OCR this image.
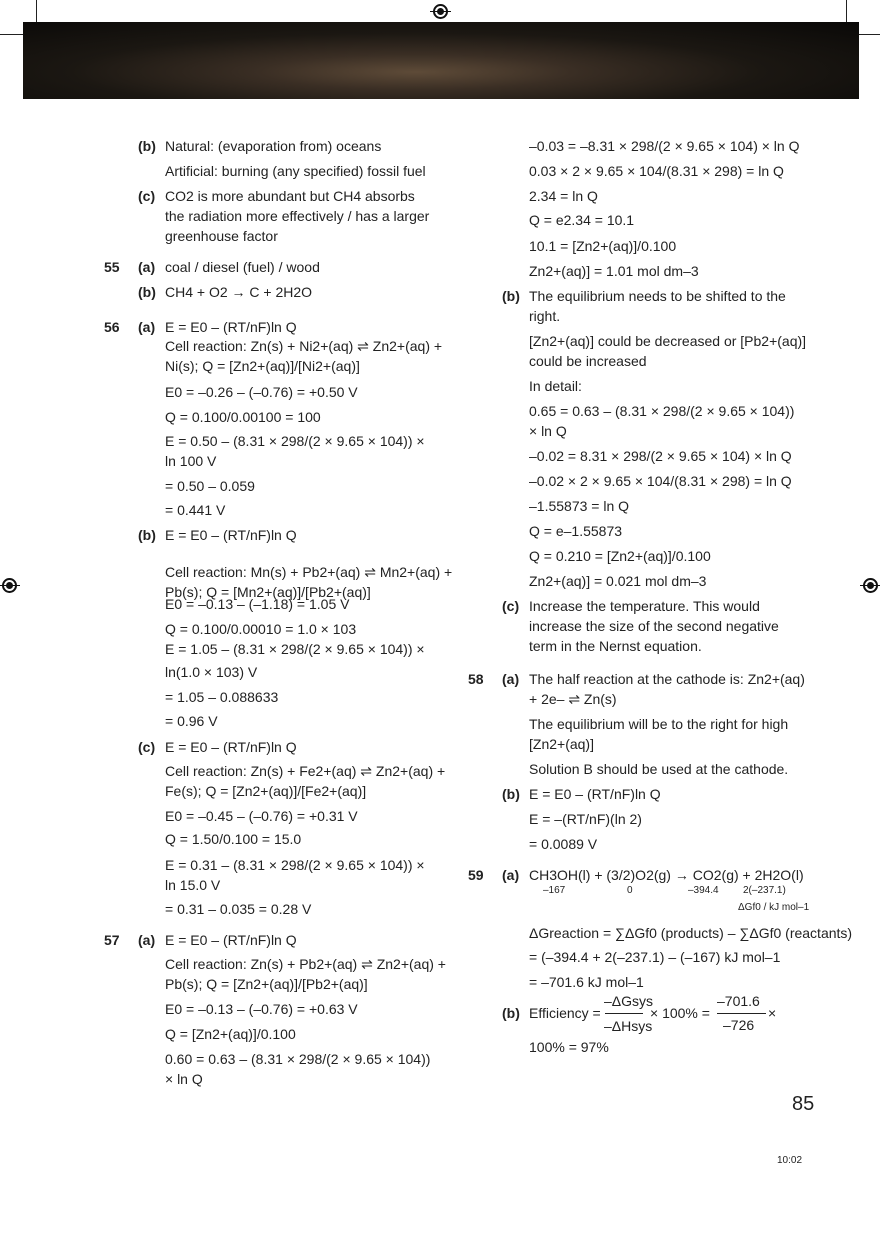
(b) Natural: (evaporation from) oceans
Artificial: burning (any specified) fossil fuel
(c) CO2 is more abundant but CH4 absorbs
the radiation more effectively / has a larger
greenhouse factor
55 (a) coal / diesel (fuel) / wood
(b) CH4 + O2 → C + 2H2O
56 (a) E = E0 – (RT/nF)ln Q
Cell reaction: Zn(s) + Ni2+(aq) ⇌ Zn2+(aq) +
Ni(s); Q = [Zn2+(aq)]/[Ni2+(aq)]
E0 = –0.26 – (–0.76) = +0.50 V
Q = 0.100/0.00100 = 100
E = 0.50 – (8.31 × 298/(2 × 9.65 × 104)) ×
ln 100 V
= 0.50 – 0.059
= 0.441 V
(b) E = E0 – (RT/nF)ln Q
Cell reaction: Mn(s) + Pb2+(aq) ⇌ Mn2+(aq) +
Pb(s); Q = [Mn2+(aq)]/[Pb2+(aq)]
E0 = –0.13 – (–1.18) = 1.05 V
Q = 0.100/0.00010 = 1.0 × 103
E = 1.05 – (8.31 × 298/(2 × 9.65 × 104)) ×
ln(1.0 × 103) V
= 1.05 – 0.088633
= 0.96 V
(c) E = E0 – (RT/nF)ln Q
Cell reaction: Zn(s) + Fe2+(aq) ⇌ Zn2+(aq) +
Fe(s); Q = [Zn2+(aq)]/[Fe2+(aq)]
E0 = –0.45 – (–0.76) = +0.31 V
Q = 1.50/0.100 = 15.0
E = 0.31 – (8.31 × 298/(2 × 9.65 × 104)) ×
ln 15.0 V
= 0.31 – 0.035 = 0.28 V
57 (a) E = E0 – (RT/nF)ln Q
Cell reaction: Zn(s) + Pb2+(aq) ⇌ Zn2+(aq) +
Pb(s); Q = [Zn2+(aq)]/[Pb2+(aq)]
E0 = –0.13 – (–0.76) = +0.63 V
Q = [Zn2+(aq)]/0.100
0.60 = 0.63 – (8.31 × 298/(2 × 9.65 × 104))
× ln Q
–0.03 = –8.31 × 298/(2 × 9.65 × 104) × ln Q
0.03 × 2 × 9.65 × 104/(8.31 × 298) = ln Q
2.34 = ln Q
Q = e2.34 = 10.1
10.1 = [Zn2+(aq)]/0.100
Zn2+(aq)] = 1.01 mol dm–3
(b) The equilibrium needs to be shifted to the
right.
[Zn2+(aq)] could be decreased or [Pb2+(aq)]
could be increased
In detail:
0.65 = 0.63 – (8.31 × 298/(2 × 9.65 × 104))
× ln Q
–0.02 = 8.31 × 298/(2 × 9.65 × 104) × ln Q
–0.02 × 2 × 9.65 × 104/(8.31 × 298) = ln Q
–1.55873 = ln Q
Q = e–1.55873
Q = 0.210 = [Zn2+(aq)]/0.100
Zn2+(aq)] = 0.021 mol dm–3
(c) Increase the temperature. This would
increase the size of the second negative
term in the Nernst equation.
58 (a) The half reaction at the cathode is: Zn2+(aq)
+ 2e– ⇌ Zn(s)
The equilibrium will be to the right for high
[Zn2+(aq)]
Solution B should be used at the cathode.
(b) E = E0 – (RT/nF)ln Q
E = –(RT/nF)(ln 2)
= 0.0089 V
59 (a) CH3OH(l) + (3/2)O2(g) → CO2(g) + 2H2O(l)
–167	0	–394.4 2(–237.1)
ΔGf0 / kJ mol–1
ΔGreaction = ∑ΔGf0 (products) – ∑ΔGf0 (reactants)
= (–394.4 + 2(–237.1) – (–167) kJ mol–1
= –701.6 kJ mol–1
(b) Efficiency =
–ΔGsys
–ΔHsys
× 100% =
–701.6
–726
×
100% = 97%
85
10:02
